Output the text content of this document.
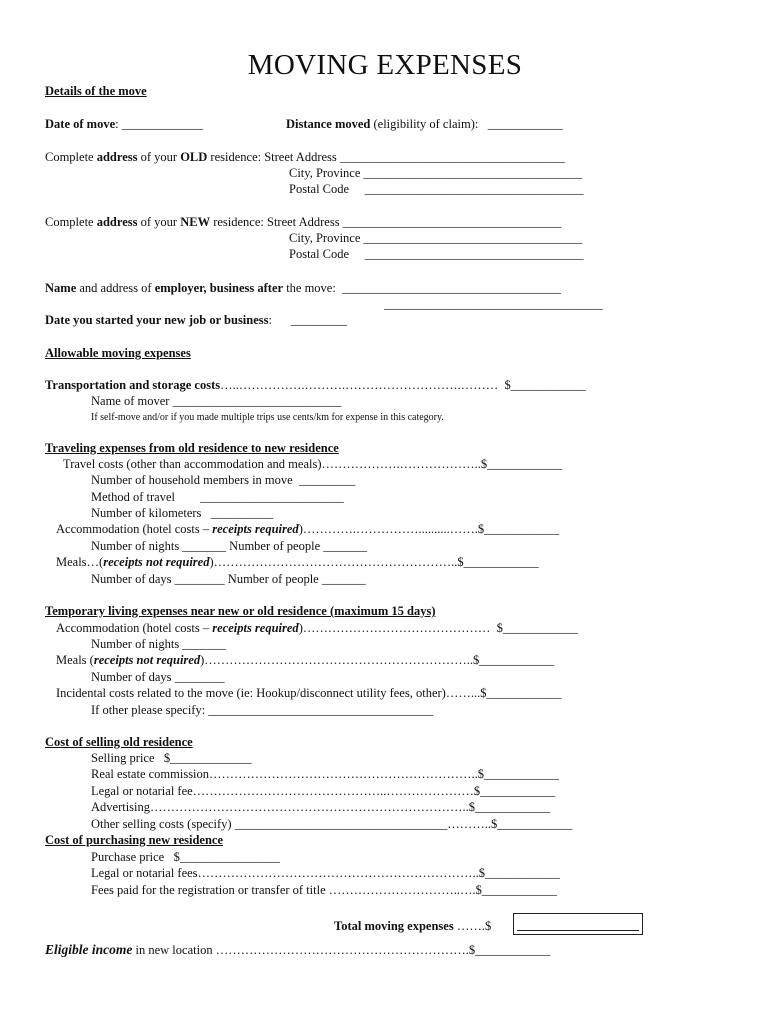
MOVING EXPENSES
Details of the move
Date of move: _____________	Distance moved (eligibility of claim):   ____________
Complete address of your OLD residence: Street Address ____________________________________
City, Province ___________________________________
Postal Code     ___________________________________
Complete address of your NEW residence: Street Address ___________________________________
City, Province ___________________________________
Postal Code     ___________________________________
Name and address of employer, business after the move:  ___________________________________
___________________________________
Date you started your new job or business:      _________
Allowable moving expenses
Transportation and storage costs…..…………….……….……………………….………  $____________
Name of mover ___________________________
If self-move and/or if you made multiple trips use cents/km for expense in this category.
Traveling expenses from old residence to new residence
Travel costs (other than accommodation and meals)……………….………………..$____________
Number of household members in move  _________
Method of travel        _______________________
Number of kilometers   __________
Accommodation (hotel costs – receipts required)………….……………..........…….$____________
Number of nights _______ Number of people _______
Meals…(receipts not required)…………………………………………………..$____________
Number of days ________ Number of people _______
Temporary living expenses near new or old residence (maximum 15 days)
Accommodation (hotel costs – receipts required)………………………………………  $____________
Number of nights _______
Meals (receipts not required)………………………………………………………..$____________
Number of days ________
Incidental costs related to the move (ie: Hookup/disconnect utility fees, other)……...$____________
If other please specify: ____________________________________
Cost of selling old residence
Selling price   $_____________
Real estate commission………………………………………………………..$____________
Legal or notarial fee………………………………………..…………………$____________
Advertising…………………………………………………………………..$____________
Other selling costs (specify) __________________________________………..$____________
Cost of purchasing new residence
Purchase price   $________________
Legal or notarial fees…………………………………………………………..$____________
Fees paid for the registration or transfer of title …………………………..….$____________
Total moving expenses …….$
Eligible income in new location …………………………………………………….$____________
